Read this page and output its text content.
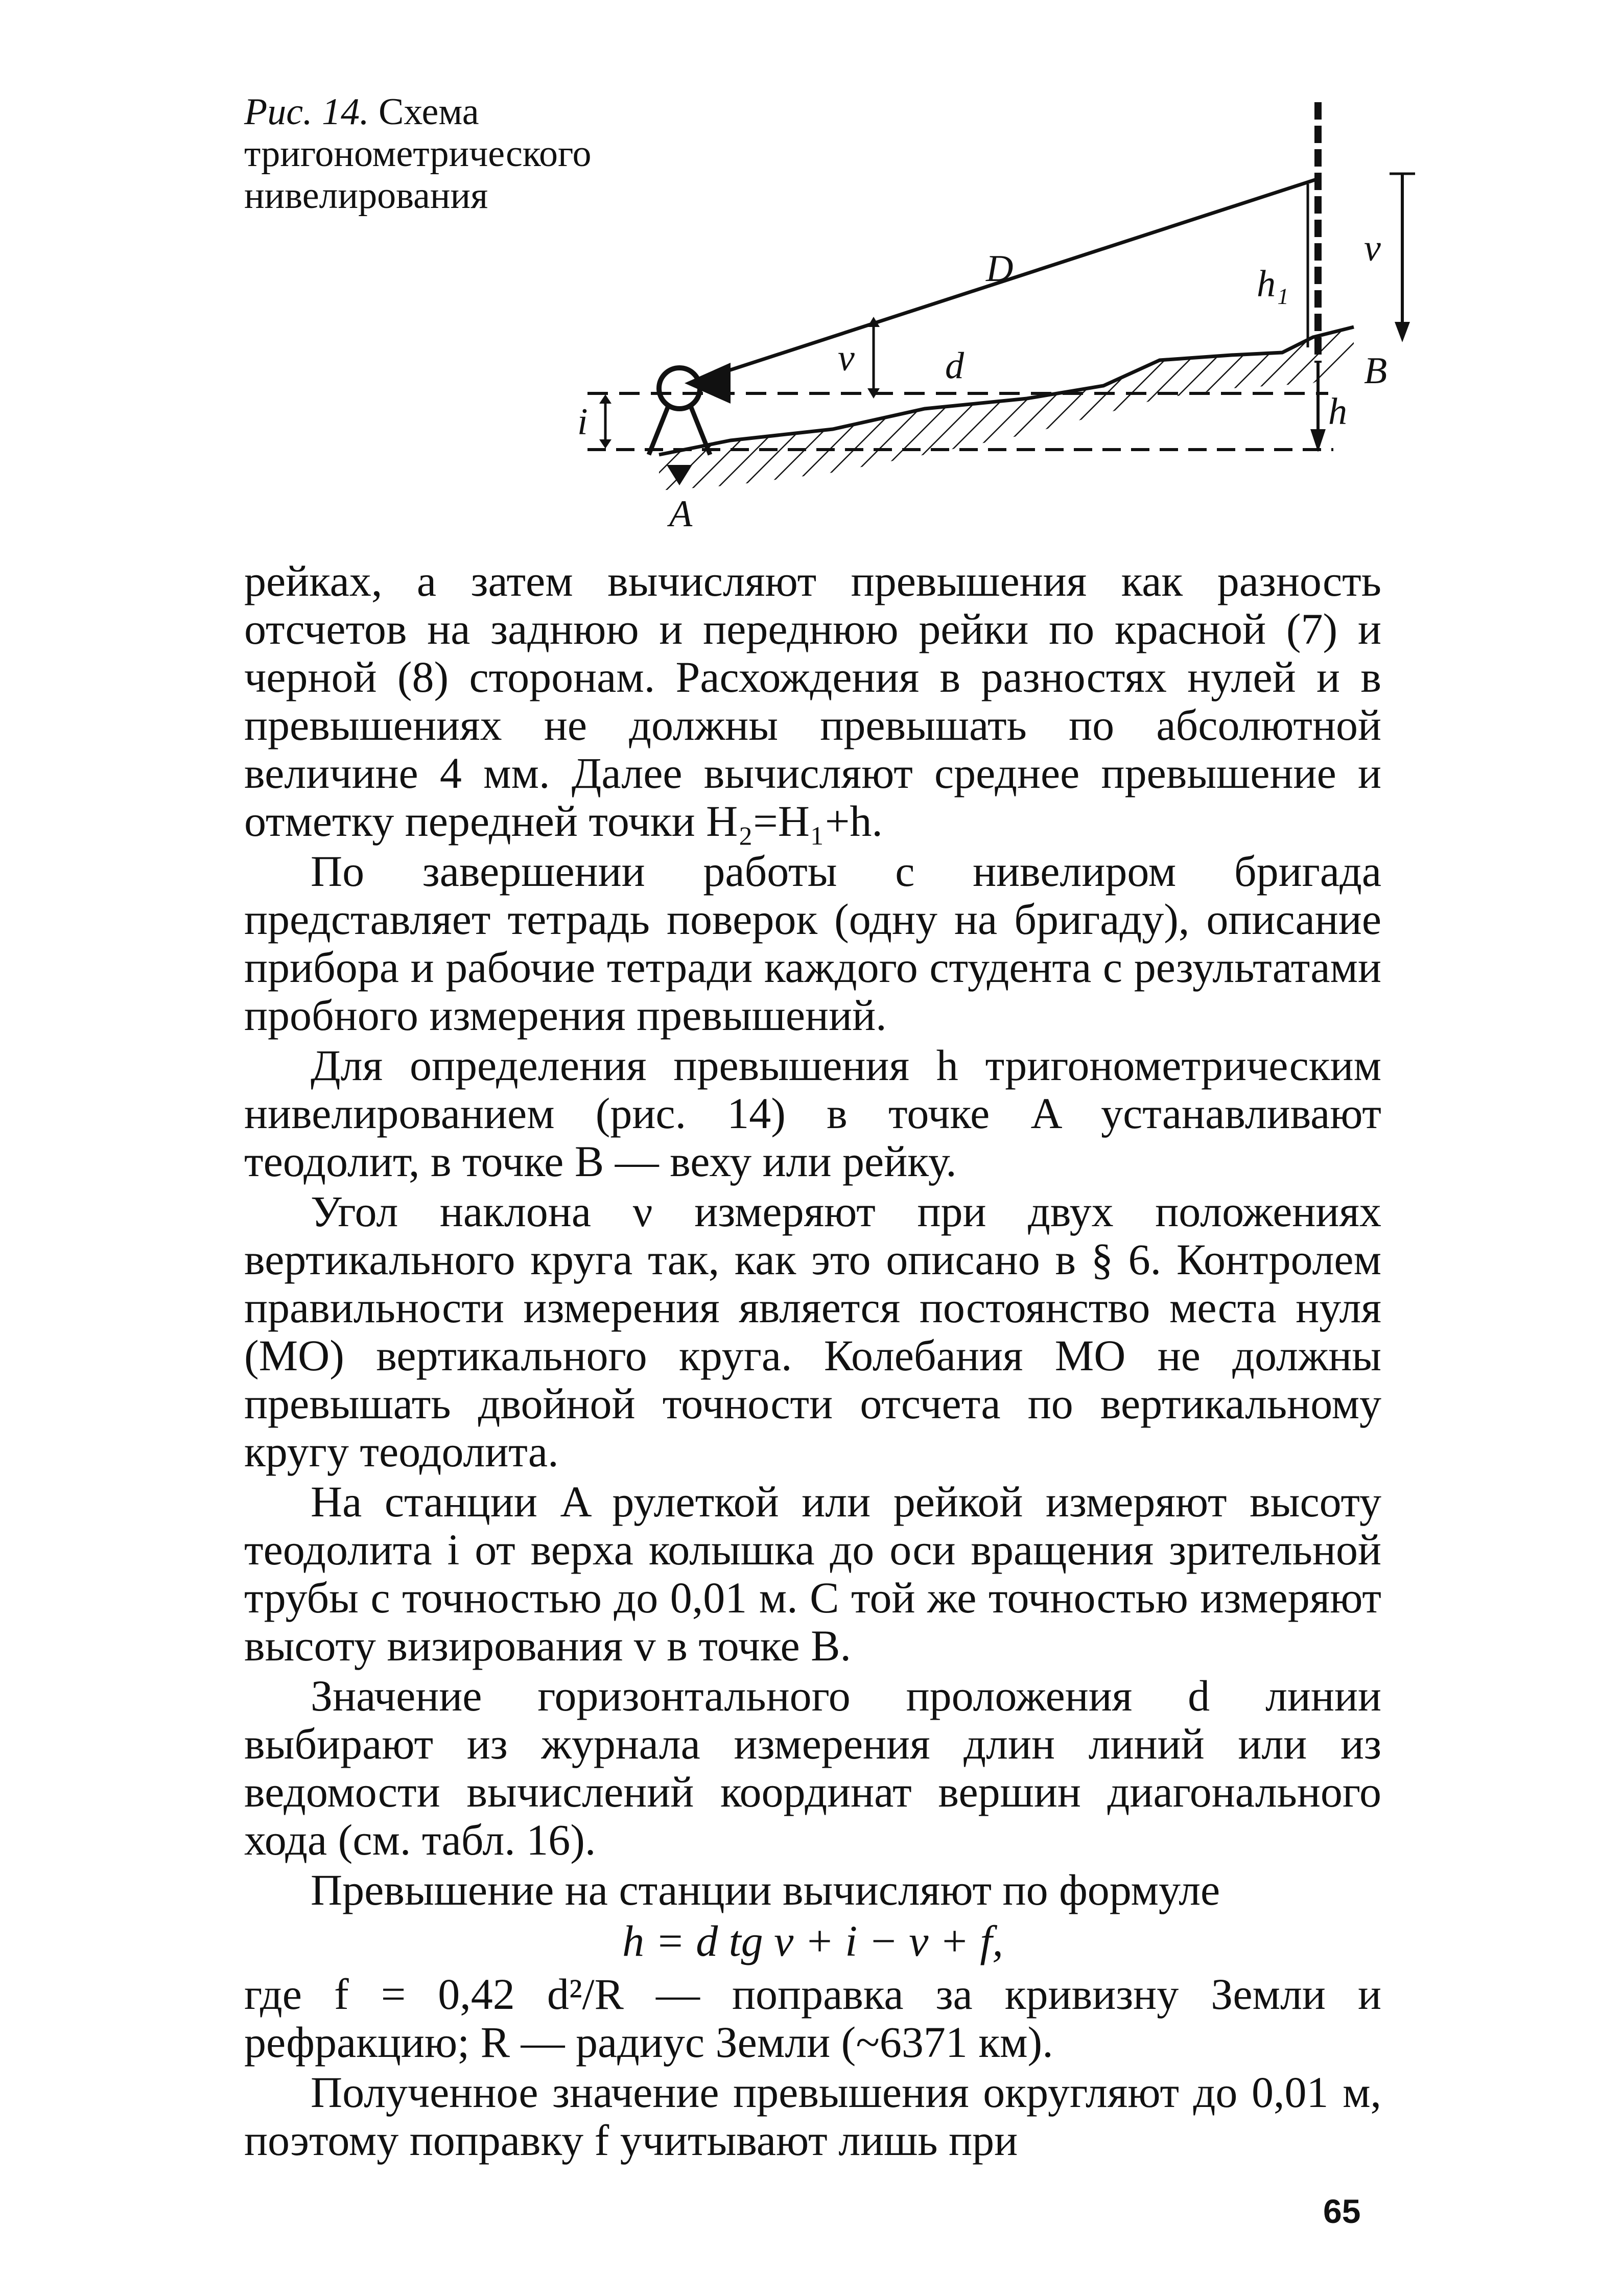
Рис. 14. Схема тригонометрического нивелирования
D	h₁
v
ν d
i	h
A
B

рейках, а затем вычисляют превышения как разность отсчетов на заднюю и переднюю рейки по красной (7) и черной (8) сторонам. Расхождения в разностях нулей и в превышениях не должны превышать по абсолютной величине 4 мм. Далее вычисляют среднее превышение и отметку передней точки H₂=H₁+h.

По завершении работы с нивелиром бригада представляет тетрадь поверок (одну на бригаду), описание прибора и рабочие тетради каждого студента с результатами пробного измерения превышений.

Для определения превышения h тригонометрическим нивелированием (рис. 14) в точке A устанавливают теодолит, в точке B — веху или рейку.

Угол наклона ν измеряют при двух положениях вертикального круга так, как это описано в § 6. Контролем правильности измерения является постоянство места нуля (МО) вертикального круга. Колебания МО не должны превышать двойной точности отсчета по вертикальному кругу теодолита.

На станции A рулеткой или рейкой измеряют высоту теодолита i от верха колышка до оси вращения зрительной трубы с точностью до 0,01 м. С той же точностью измеряют высоту визирования v в точке B.

Значение горизонтального проложения d линии выбирают из журнала измерения длин линий или из ведомости вычислений координат вершин диагонального хода (см. табл. 16).

Превышение на станции вычисляют по формуле

h = d tg ν + i − v + f,

где f = 0,42 d²/R — поправка за кривизну Земли и рефракцию; R — радиус Земли (~6371 км).

Полученное значение превышения округляют до 0,01 м, поэтому поправку f учитывают лишь при

65
